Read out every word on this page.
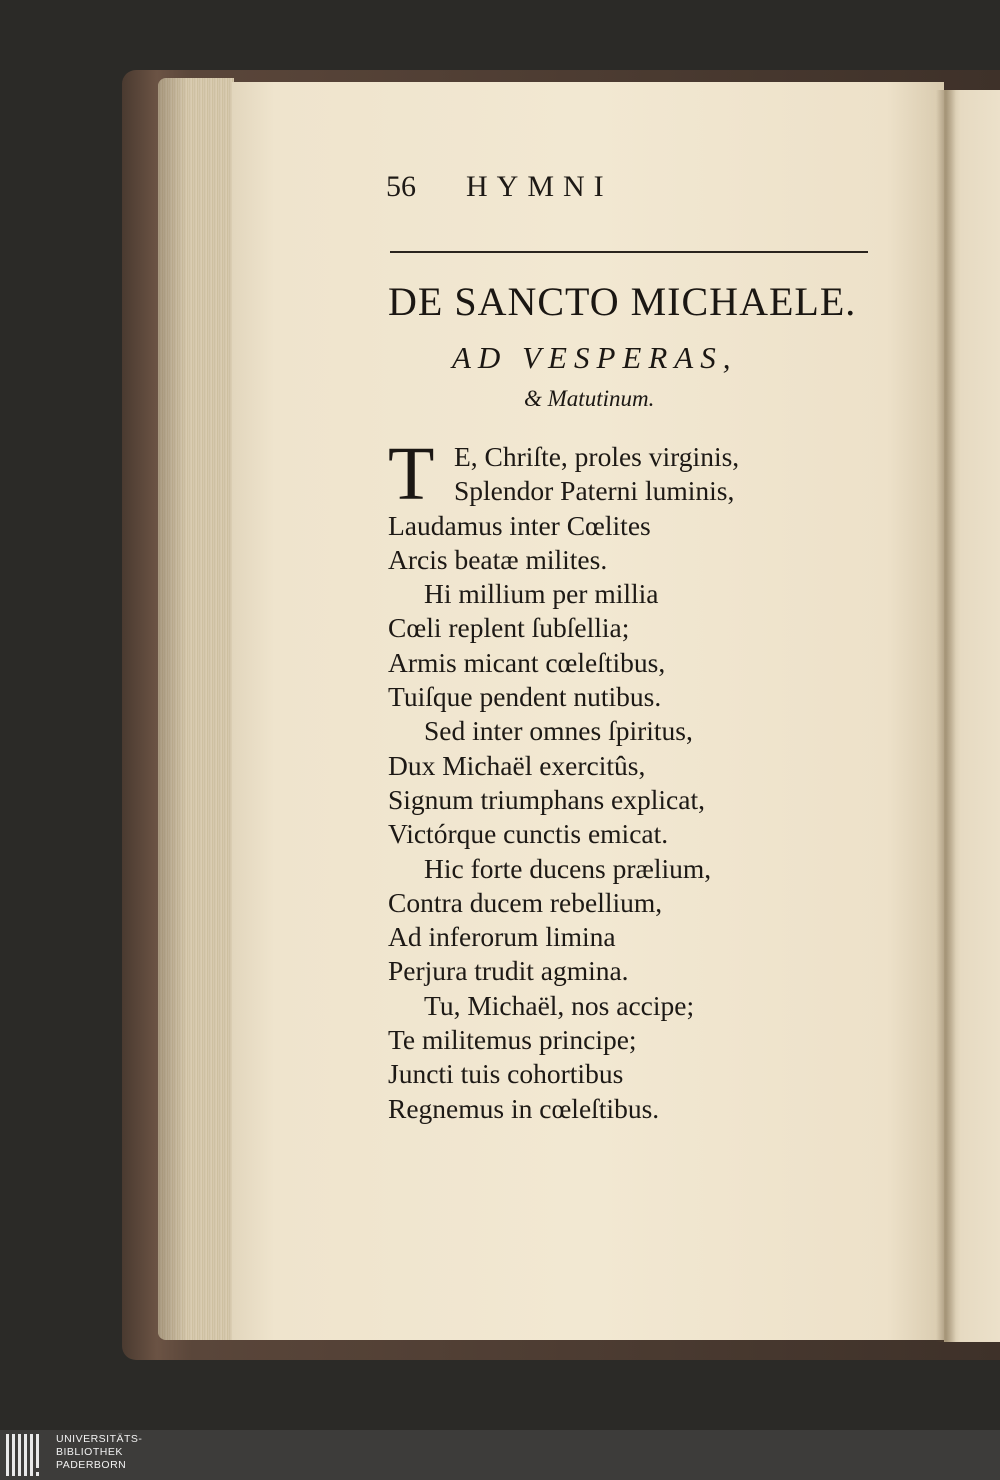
56 HYMNI
DE SANCTO MICHAELE.
AD VESPERAS,
& Matutinum.
T E, Chriſte, proles virginis,
Splendor Paterni luminis,
Laudamus inter Cœlites
Arcis beatæ milites.
Hi millium per millia
Cœli replent ſubſellia;
Armis micant cœleſtibus,
Tuiſque pendent nutibus.
Sed inter omnes ſpiritus,
Dux Michaël exercitûs,
Signum triumphans explicat,
Victórque cunctis emicat.
Hic forte ducens prælium,
Contra ducem rebellium,
Ad inferorum limina
Perjura trudit agmina.
Tu, Michaël, nos accipe;
Te militemus principe;
Juncti tuis cohortibus
Regnemus in cœleſtibus.
UNIVERSITÄTS-
BIBLIOTHEK
PADERBORN
